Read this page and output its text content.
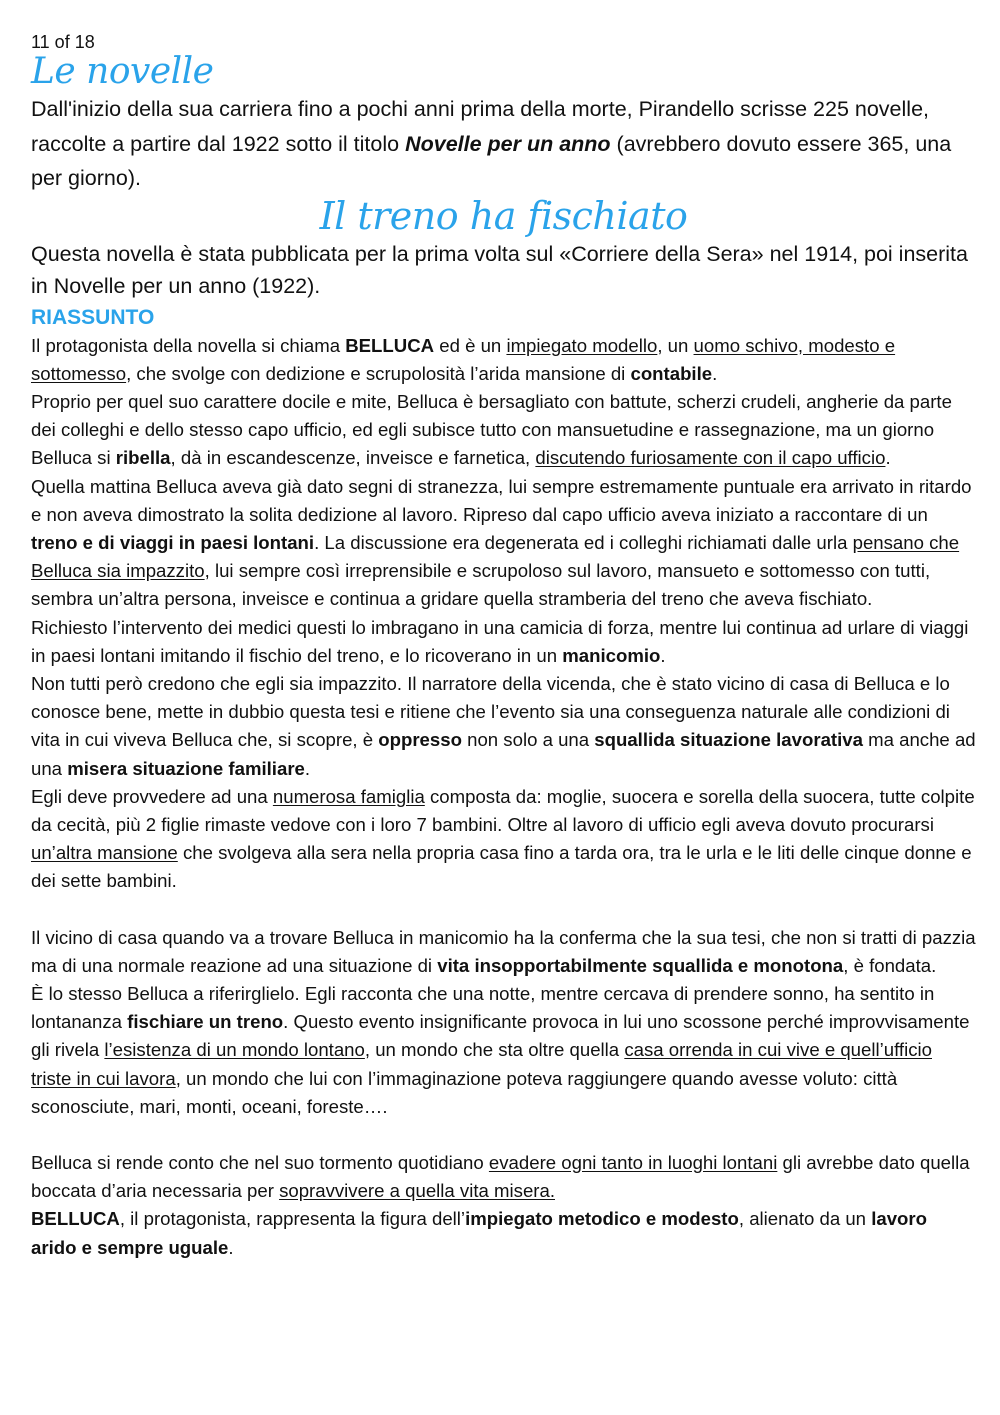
11 of 18

Le novelle

Dall'inizio della sua carriera fino a pochi anni prima della morte, Pirandello scrisse 225 novelle, raccolte a partire dal 1922 sotto il titolo Novelle per un anno (avrebbero dovuto essere 365, una per giorno).

Il treno ha fischiato

Questa novella è stata pubblicata per la prima volta sul «Corriere della Sera» nel 1914, poi inserita in Novelle per un anno (1922).

RIASSUNTO

Il protagonista della novella si chiama BELLUCA ed è un impiegato modello, un uomo schivo, modesto e sottomesso, che svolge con dedizione e scrupolosità l’arida mansione di contabile.

Proprio per quel suo carattere docile e mite, Belluca è bersagliato con battute, scherzi crudeli, angherie da parte dei colleghi e dello stesso capo ufficio, ed egli subisce tutto con mansuetudine e rassegnazione, ma un giorno Belluca si ribella, dà in escandescenze, inveisce e farnetica, discutendo furiosamente con il capo ufficio.

Quella mattina Belluca aveva già dato segni di stranezza, lui sempre estremamente puntuale era arrivato in ritardo e non aveva dimostrato la solita dedizione al lavoro. Ripreso dal capo ufficio aveva iniziato a raccontare di un treno e di viaggi in paesi lontani. La discussione era degenerata ed i colleghi richiamati dalle urla pensano che Belluca sia impazzito, lui sempre così irreprensibile e scrupoloso sul lavoro, mansueto e sottomesso con tutti, sembra un’altra persona, inveisce e continua a gridare quella stramberia del treno che aveva fischiato.

Richiesto l’intervento dei medici questi lo imbragano in una camicia di forza, mentre lui continua ad urlare di viaggi in paesi lontani imitando il fischio del treno, e lo ricoverano in un manicomio.

Non tutti però credono che egli sia impazzito. Il narratore della vicenda, che è stato vicino di casa di Belluca e lo conosce bene, mette in dubbio questa tesi e ritiene che l’evento sia una conseguenza naturale alle condizioni di vita in cui viveva Belluca che, si scopre, è oppresso non solo a una squallida situazione lavorativa ma anche ad una misera situazione familiare.

Egli deve provvedere ad una numerosa famiglia composta da: moglie, suocera e sorella della suocera, tutte colpite da cecità, più 2 figlie rimaste vedove con i loro 7 bambini. Oltre al lavoro di ufficio egli aveva dovuto procurarsi un’altra mansione che svolgeva alla sera nella propria casa fino a tarda ora, tra le urla e le liti delle cinque donne e dei sette bambini.

Il vicino di casa quando va a trovare Belluca in manicomio ha la conferma che la sua tesi, che non si tratti di pazzia ma di una normale reazione ad una situazione di vita insopportabilmente squallida e monotona, è fondata.

È lo stesso Belluca a riferirglielo. Egli racconta che una notte, mentre cercava di prendere sonno, ha sentito in lontananza fischiare un treno. Questo evento insignificante provoca in lui uno scossone perché improvvisamente gli rivela l’esistenza di un mondo lontano, un mondo che sta oltre quella casa orrenda in cui vive e quell’ufficio triste in cui lavora, un mondo che lui con l’immaginazione poteva raggiungere quando avesse voluto: città sconosciute, mari, monti, oceani, foreste….

Belluca si rende conto che nel suo tormento quotidiano evadere ogni tanto in luoghi lontani gli avrebbe dato quella boccata d’aria necessaria per sopravvivere a quella vita misera.

BELLUCA, il protagonista, rappresenta la figura dell’impiegato metodico e modesto, alienato da un lavoro arido e sempre uguale.
